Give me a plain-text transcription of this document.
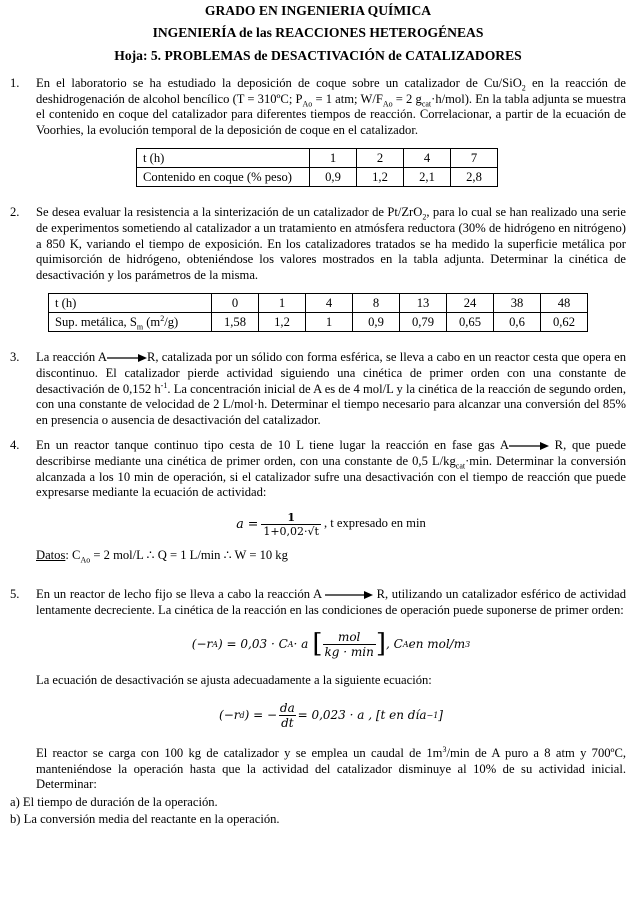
GRADO EN INGENIERIA QUÍMICA
INGENIERÍA de las REACCIONES HETEROGÉNEAS
Hoja: 5. PROBLEMAS de DESACTIVACIÓN de CATALIZADORES
1.	En el laboratorio se ha estudiado la deposición de coque sobre un catalizador de Cu/SiO$_2$ en la reacción de deshidrogenación de alcohol bencílico (T = 310ºC; $P_{Ao} = 1$ atm; $W/F_{Ao} = 2$ $g_{cat}\cdot h/mol$). En la tabla adjunta se muestra el contenido en coque del catalizador para diferentes tiempos de reacción. Correlacionar, a partir de la ecuación de Voorhies, la evolución temporal de la deposición de coque en el catalizador.
t (h)	1	2	4	7
Contenido en coque (% peso)	0,9	1,2	2,1	2,8
2.	Se desea evaluar la resistencia a la sinterización de un catalizador de Pt/ZrO$_2$, para lo cual se han realizado una serie de experimentos sometiendo al catalizador a un tratamiento en atmósfera reductora (30% de hidrógeno en nitrógeno) a 850 K, variando el tiempo de exposición. En los catalizadores tratados se ha medido la superficie metálica por quimisorción de hidrógeno, obteniéndose los valores mostrados en la tabla adjunta. Determinar la cinética de desactivación y los parámetros de la misma.
t (h)	0	1	4	8	13	24	38	48
Sup. metálica, $S_m$ $(m^2/g)$	1,58	1,2	1	0,9	0,79	0,65	0,6	0,62
3.	La reacción A→R, catalizada por un sólido con forma esférica, se lleva a cabo en un reactor cesta que opera en discontinuo. El catalizador pierde actividad siguiendo una cinética de primer orden con una constante de desactivación de 0,152 $h^{-1}$. La concentración inicial de A es de 4 mol/L y la cinética de la reacción de segundo orden, con una constante de velocidad de 2 L/mol·h. Determinar el tiempo necesario para alcanzar una conversión del 85% en presencia o ausencia de desactivación del catalizador.
4.	En un reactor tanque continuo tipo cesta de 10 L tiene lugar la reacción en fase gas A→ R, que puede describirse mediante una cinética de primer orden, con una constante de 0,5 $L/kg_{cat}\cdot\min$. Determinar la conversión alcanzada a los 10 min de operación, si el catalizador sufre una desactivación con el tiempo de reacción que puede expresarse mediante la ecuación de actividad:
$a = \frac{1}{1+0,02\cdot√t}$ , t expresado en min
Datos: $C_{Ao} = 2$ mol/L ∴ Q = 1 L/min ∴ W = 10 kg
5.	En un reactor de lecho fijo se lleva a cabo la reacción A → R, utilizando un catalizador esférico de actividad lentamente decreciente. La cinética de la reacción en las condiciones de operación puede suponerse de primer orden:
(−r A ) = 0,03 · C A · a [ mol
kg · min ] , C A en mol/m 3
La ecuación de desactivación se ajusta adecuadamente a la siguiente ecuación:
(−r d ) = − $\frac{da}{dt} = 0,023 \cdot a$ , [t en día −1 ]
El reactor se carga con 100 kg de catalizador y se emplea un caudal de $1m^3/\min$ de A puro a 8 atm y 700ºC, manteniéndose la operación hasta que la actividad del catalizador disminuye al 10% de su actividad inicial. Determinar:
a) El tiempo de duración de la operación.
b) La conversión media del reactante en la operación.
